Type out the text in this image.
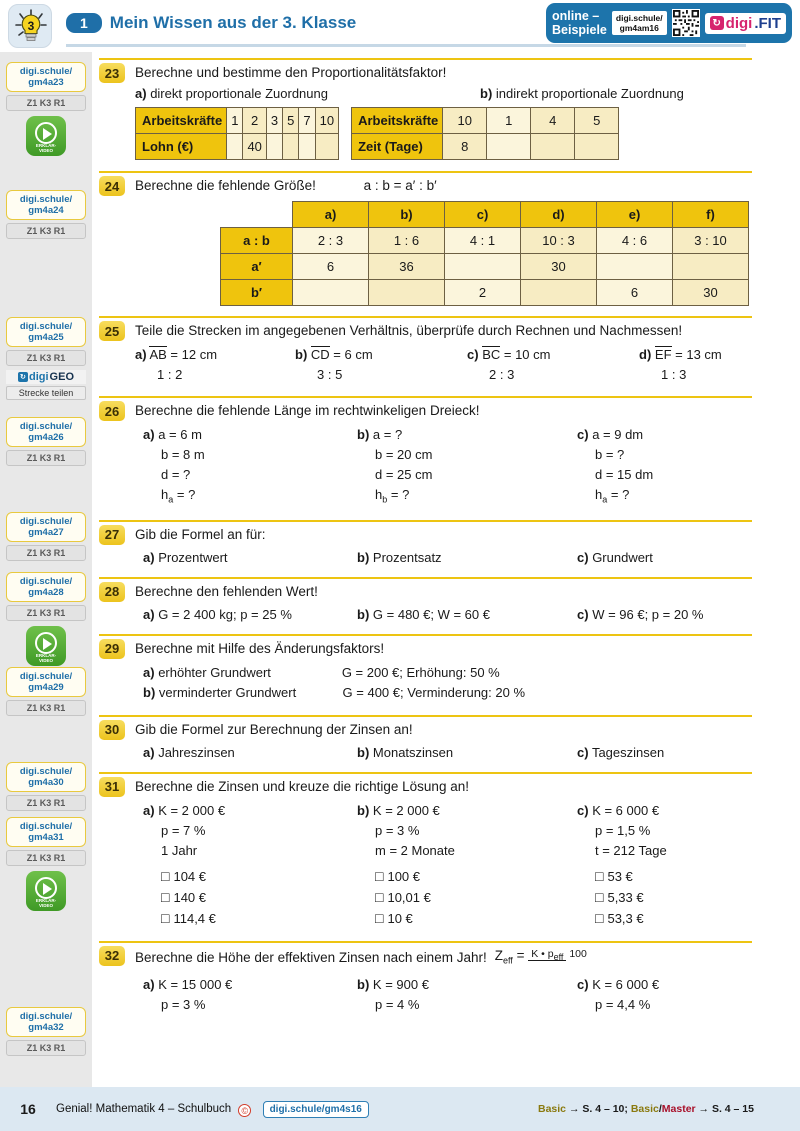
3	1	Mein Wissen aus der 3. Klasse	online –
Beispiele
digi.schule/
gm4am16	↻ digi .FIT
digi.schule/
gm4a23
Z1 K3 R1
ERKLÄR-
VIDEO
digi.schule/
gm4a24
Z1 K3 R1
digi.schule/
gm4a25
Z1 K3 R1
↻ digi GEO
Strecke teilen
digi.schule/
gm4a26
Z1 K3 R1
digi.schule/
gm4a27
Z1 K3 R1
digi.schule/
gm4a28
Z1 K3 R1
ERKLÄR-
VIDEO
digi.schule/
gm4a29
Z1 K3 R1
digi.schule/
gm4a30
Z1 K3 R1
digi.schule/
gm4a31
Z1 K3 R1
ERKLÄR-
VIDEO
digi.schule/
gm4a32
Z1 K3 R1
23	Berechne und bestimme den Proportionalitätsfaktor!
a) direkt proportionale Zuordnung	b) indirekt proportionale Zuordnung
Arbeitskräfte	1	2	3	5	7	10
Lohn (€)		40				
Arbeitskräfte	10	1	4	5
Zeit (Tage)	8			
24	Berechne die fehlende Größe!	a : b = a′ : b′
	a)	b)	c)	d)	e)	f)
a : b	2 : 3	1 : 6	4 : 1	10 : 3	4 : 6	3 : 10
a′	6	36		30		
b′			2		6	30
25	Teile die Strecken im angegebenen Verhältnis, überprüfe durch Rechnen und Nachmessen!
a) AB = 12 cm
1 : 2
b) CD = 6 cm
3 : 5
c) BC = 10 cm
2 : 3
d) EF = 13 cm
1 : 3
26	Berechne die fehlende Länge im rechtwinkeligen Dreieck!
a) a = 6 m
b = 8 m
d = ?
$h_a$ = ?
b) a = ?
b = 20 cm
d = 25 cm
$h_b$ = ?
c) a = 9 dm
b = ?
d = 15 dm
$h_a$ = ?
27	Gib die Formel an für:
a) Prozentwert	b) Prozentsatz	c) Grundwert
28	Berechne den fehlenden Wert!
a) G = 2 400 kg; p = 25 %	b) G = 480 €; W = 60 €	c) W = 96 €; p = 20 %
29	Berechne mit Hilfe des Änderungsfaktors!
a) erhöhter Grundwert	G = 200 €; Erhöhung: 50 %
b) verminderter Grundwert	G = 400 €; Verminderung: 20 %
30	Gib die Formel zur Berechnung der Zinsen an!
a) Jahreszinsen	b) Monatszinsen	c) Tageszinsen
31	Berechne die Zinsen und kreuze die richtige Lösung an!
a) K = 2 000 €
p = 7 %
1 Jahr
□ 104 €
□ 140 €
□ 114,4 €
b) K = 2 000 €
p = 3 %
m = 2 Monate
□ 100 €
□ 10,01 €
□ 10 €
c) K = 6 000 €
p = 1,5 %
t = 212 Tage
□ 53 €
□ 5,33 €
□ 53,3 €
32	Berechne die Höhe der effektiven Zinsen nach einem Jahr! $Z_{eff} = K$ • $p_{eff}$ 100
a) K = 15 000 €
p = 3 %
b) K = 900 €
p = 4 %
c) K = 6 000 €
p = 4,4 %
16	Genial! Mathematik 4 – Schulbuch © digi.schule/gm4s16	Basic → S. 4 – 10; Basic/Master → S. 4 – 15
